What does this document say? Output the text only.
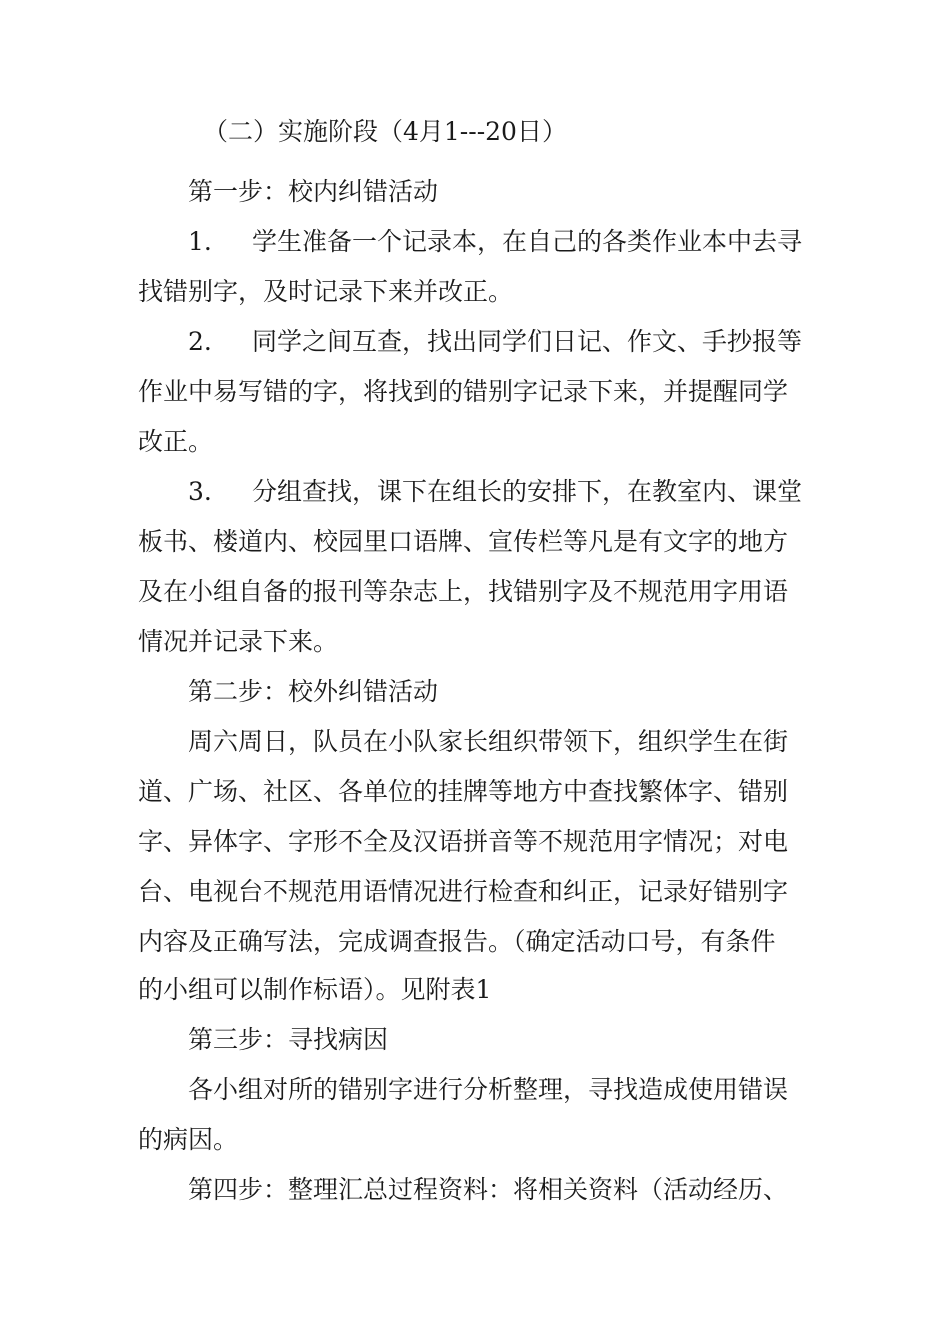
（二）实施阶段（4月1---20日）

第一步：校内纠错活动

1. 学生准备一个记录本，在自己的各类作业本中去寻

找错别字，及时记录下来并改正。

2. 同学之间互查，找出同学们日记、作文、手抄报等

作业中易写错的字，将找到的错别字记录下来，并提醒同学

改正。

3. 分组查找，课下在组长的安排下，在教室内、课堂

板书、楼道内、校园里口语牌、宣传栏等凡是有文字的地方

及在小组自备的报刊等杂志上，找错别字及不规范用字用语

情况并记录下来。

第二步：校外纠错活动

周六周日，队员在小队家长组织带领下，组织学生在街

道、广场、社区、各单位的挂牌等地方中查找繁体字、错别

字、异体字、字形不全及汉语拼音等不规范用字情况；对电

台、电视台不规范用语情况进行检查和纠正，记录好错别字

内容及正确写法，完成调查报告。（确定活动口号，有条件

的小组可以制作标语）。见附表1

第三步：寻找病因

各小组对所的错别字进行分析整理，寻找造成使用错误

的病因。

第四步：整理汇总过程资料：将相关资料（活动经历、
